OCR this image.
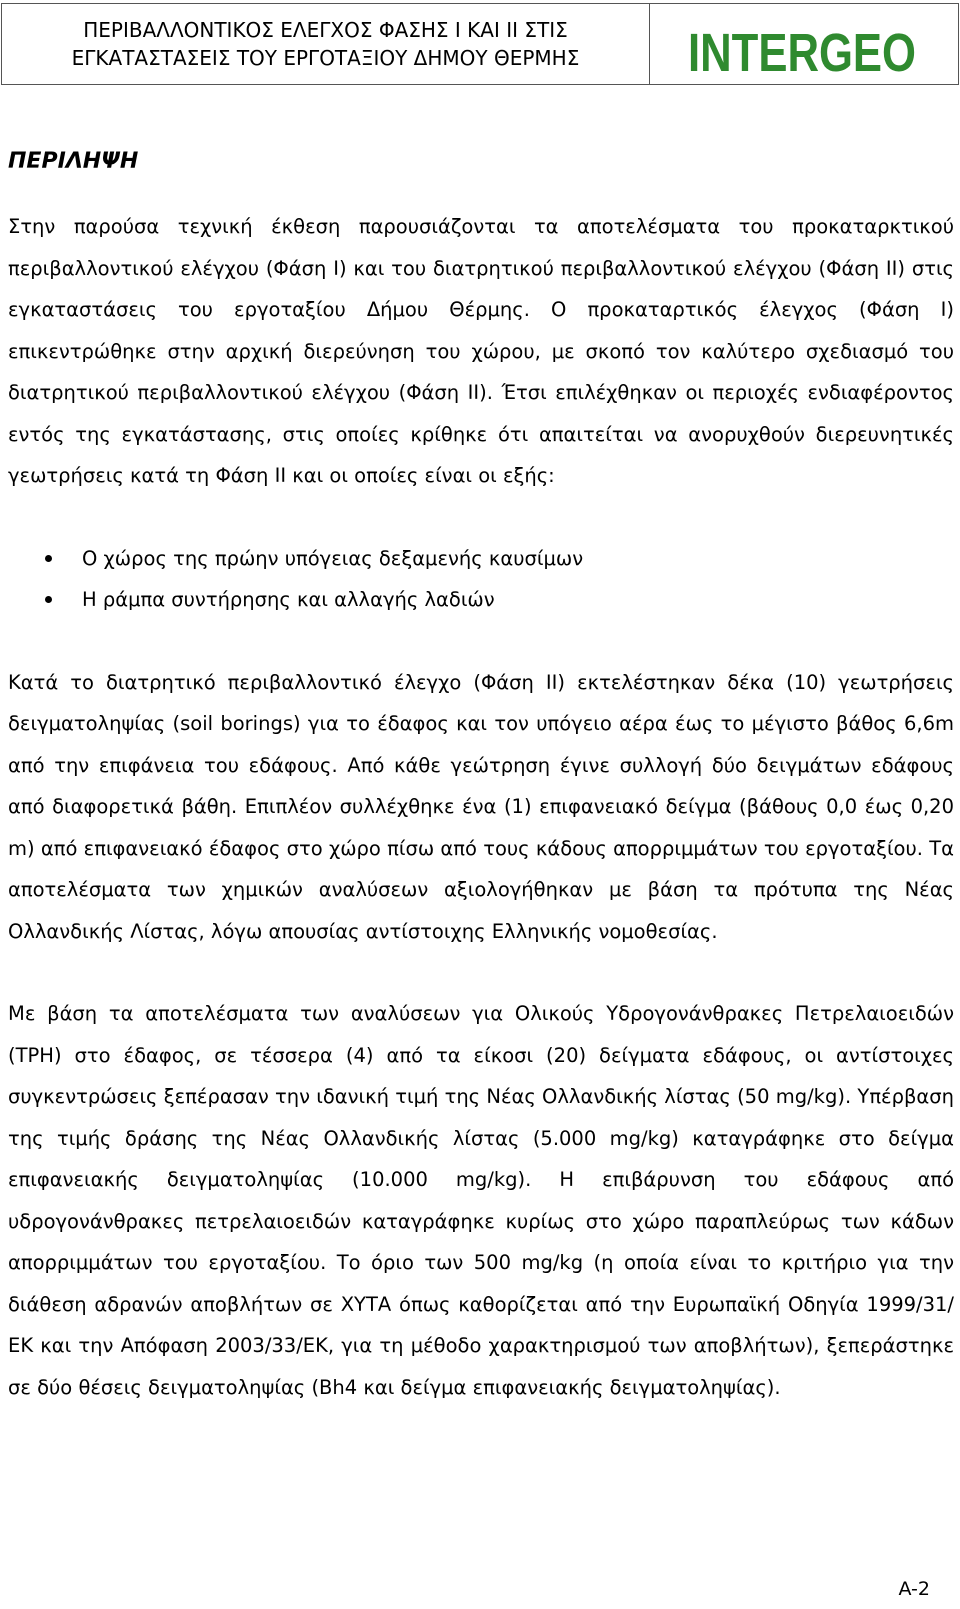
ΠΕΡΙΒΑΛΛΟΝΤΙΚΟΣ ΕΛΕΓΧΟΣ ΦΑΣΗΣ Ι ΚΑΙ ΙΙ ΣΤΙΣ
ΕΓΚΑΤΑΣΤΑΣΕΙΣ ΤΟΥ ΕΡΓΟΤΑΞΙΟΥ ΔΗΜΟΥ ΘΕΡΜΗΣ INTERGEO
ΠΕΡΙΛΗΨΗ

Στην παρούσα τεχνική έκθεση παρουσιάζονται τα αποτελέσματα του προκαταρκτικού περιβαλλοντικού ελέγχου (Φάση Ι) και του διατρητικού περιβαλλοντικού ελέγχου (Φάση ΙΙ) στις εγκαταστάσεις του εργοταξίου Δήμου Θέρμης. Ο προκαταρτικός έλεγχος (Φάση Ι) επικεντρώθηκε στην αρχική διερεύνηση του χώρου, με σκοπό τον καλύτερο σχεδιασμό του διατρητικού περιβαλλοντικού ελέγχου (Φάση ΙΙ). Έτσι επιλέχθηκαν οι περιοχές ενδιαφέροντος εντός της εγκατάστασης, στις οποίες κρίθηκε ότι απαιτείται να ανορυχθούν διερευνητικές γεωτρήσεις κατά τη Φάση ΙΙ και οι οποίες είναι οι εξής:

Ο χώρος της πρώην υπόγειας δεξαμενής καυσίμων
Η ράμπα συντήρησης και αλλαγής λαδιών

Κατά το διατρητικό περιβαλλοντικό έλεγχο (Φάση ΙΙ) εκτελέστηκαν δέκα (10) γεωτρήσεις δειγματοληψίας (soil borings) για το έδαφος και τον υπόγειο αέρα έως το μέγιστο βάθος 6,6m από την επιφάνεια του εδάφους. Από κάθε γεώτρηση έγινε συλλογή δύο δειγμάτων εδάφους από διαφορετικά βάθη. Επιπλέον συλλέχθηκε ένα (1) επιφανειακό δείγμα (βάθους 0,0 έως 0,20 m) από επιφανειακό έδαφος στο χώρο πίσω από τους κάδους απορριμμάτων του εργοταξίου. Τα αποτελέσματα των χημικών αναλύσεων αξιολογήθηκαν με βάση τα πρότυπα της Νέας Ολλανδικής Λίστας, λόγω απουσίας αντίστοιχης Ελληνικής νομοθεσίας.

Με βάση τα αποτελέσματα των αναλύσεων για Ολικούς Υδρογονάνθρακες Πετρελαιοειδών (TPH) στο έδαφος, σε τέσσερα (4) από τα είκοσι (20) δείγματα εδάφους, οι αντίστοιχες συγκεντρώσεις ξεπέρασαν την ιδανική τιμή της Νέας Ολλανδικής λίστας (50 mg/kg). Υπέρβαση της τιμής δράσης της Νέας Ολλανδικής λίστας (5.000 mg/kg) καταγράφηκε στο δείγμα επιφανειακής δειγματοληψίας (10.000 mg/kg). Η επιβάρυνση του εδάφους από υδρογονάνθρακες πετρελαιοειδών καταγράφηκε κυρίως στο χώρο παραπλεύρως των κάδων απορριμμάτων του εργοταξίου. Το όριο των 500 mg/kg (η οποία είναι το κριτήριο για την διάθεση αδρανών αποβλήτων σε ΧΥΤΑ όπως καθορίζεται από την Ευρωπαϊκή Οδηγία 1999/31/ΕΚ και την Απόφαση 2003/33/ΕΚ, για τη μέθοδο χαρακτηρισμού των αποβλήτων), ξεπεράστηκε σε δύο θέσεις δειγματοληψίας (Bh4 και δείγμα επιφανειακής δειγματοληψίας).

A-2
